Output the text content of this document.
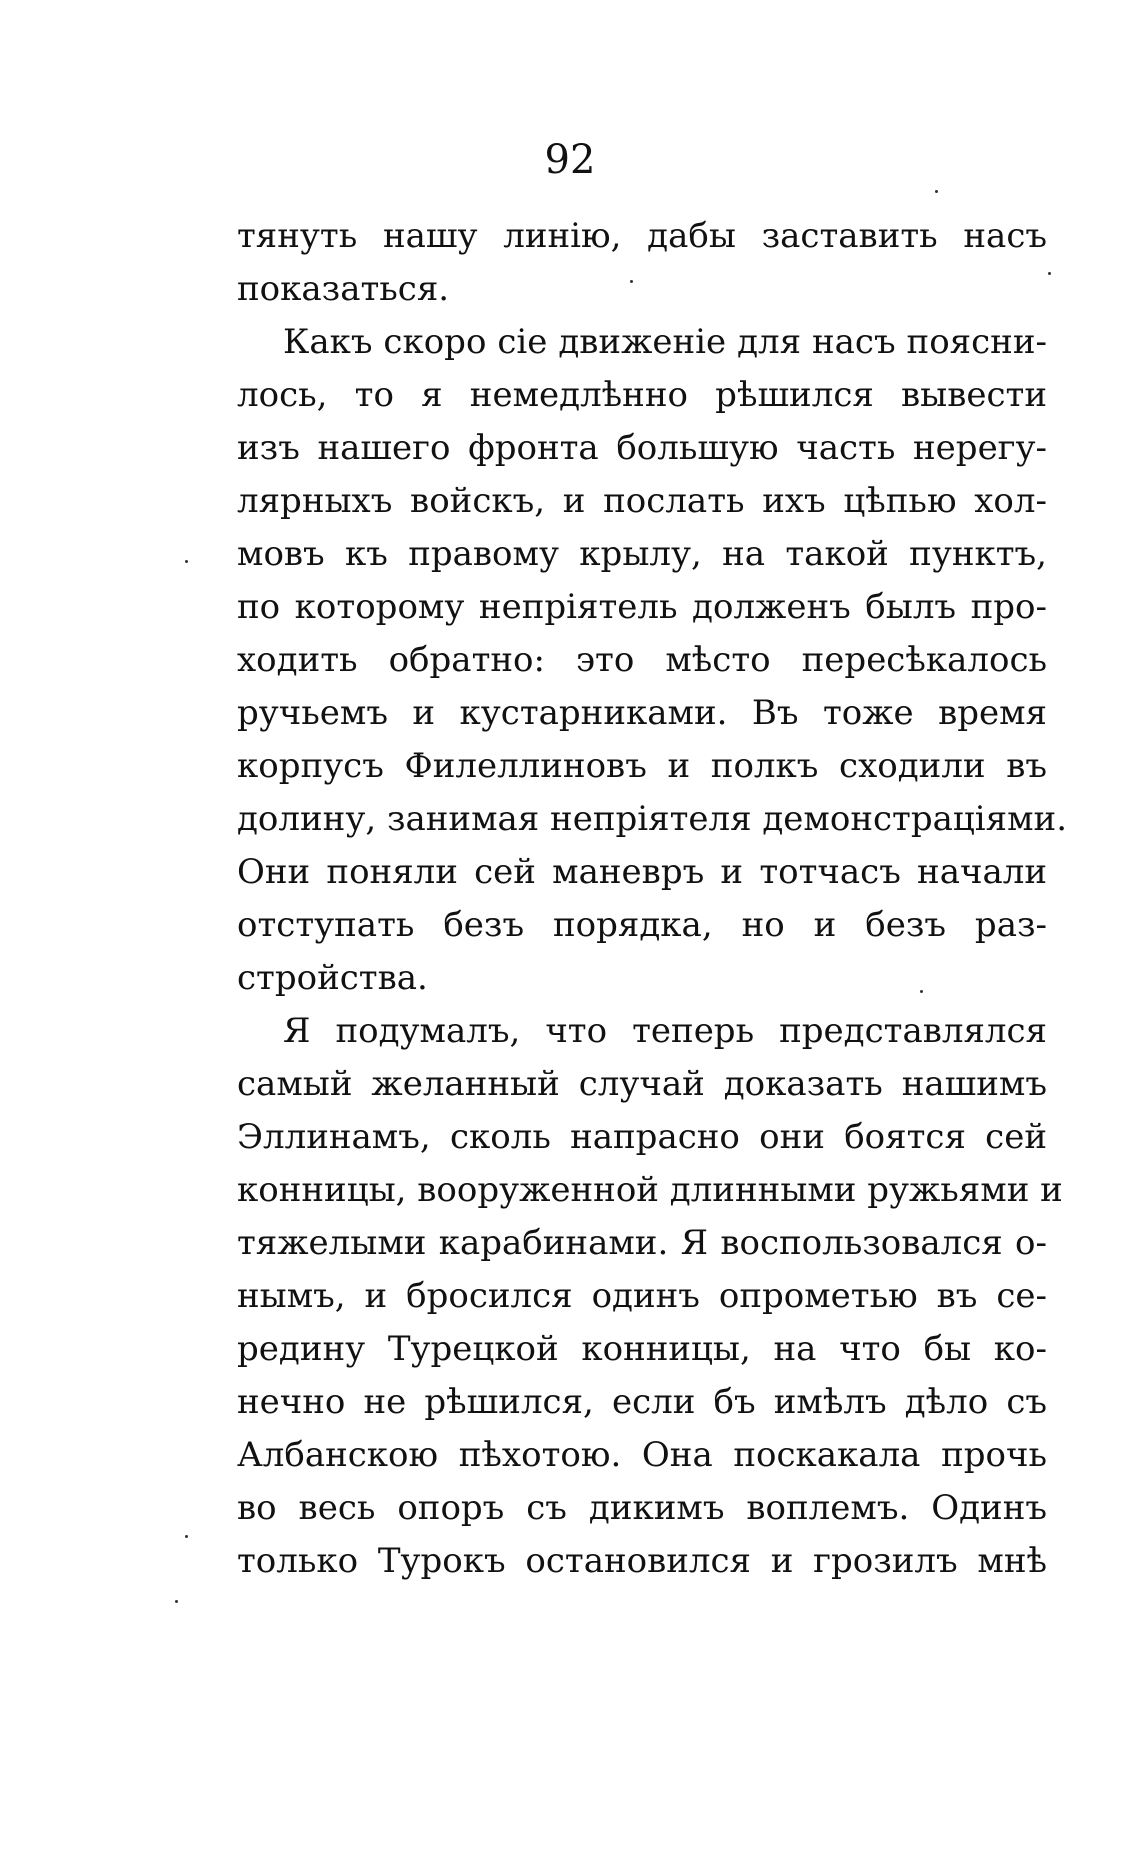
92
тянуть нашу линію, дабы заставить насъ
показаться.
Какъ скоро сіе движеніе для насъ поясни-
лось, то я немедлѣнно рѣшился вывести
изъ нашего фронта большую часть нерегу-
лярныхъ войскъ, и послать ихъ цѣпью хол-
мовъ къ правому крылу, на такой пунктъ,
по которому непріятель долженъ былъ про-
ходить обратно: это мѣсто пересѣкалось
ручьемъ и кустарниками. Въ тоже время
корпусъ Филеллиновъ и полкъ сходили въ
долину, занимая непріятеля демонстраціями.
Они поняли сей маневръ и тотчасъ начали
отступать безъ порядка, но и безъ раз-
стройства.
Я подумалъ, что теперь представлялся
самый желанный случай доказать нашимъ
Эллинамъ, сколь напрасно они боятся сей
конницы, вооруженной длинными ружьями и
тяжелыми карабинами. Я воспользовался о-
нымъ, и бросился одинъ опрометью въ се-
редину Турецкой конницы, на что бы ко-
нечно не рѣшился, если бъ имѣлъ дѣло съ
Албанскою пѣхотою. Она поскакала прочь
во весь опоръ съ дикимъ воплемъ. Одинъ
только Турокъ остановился и грозилъ мнѣ
